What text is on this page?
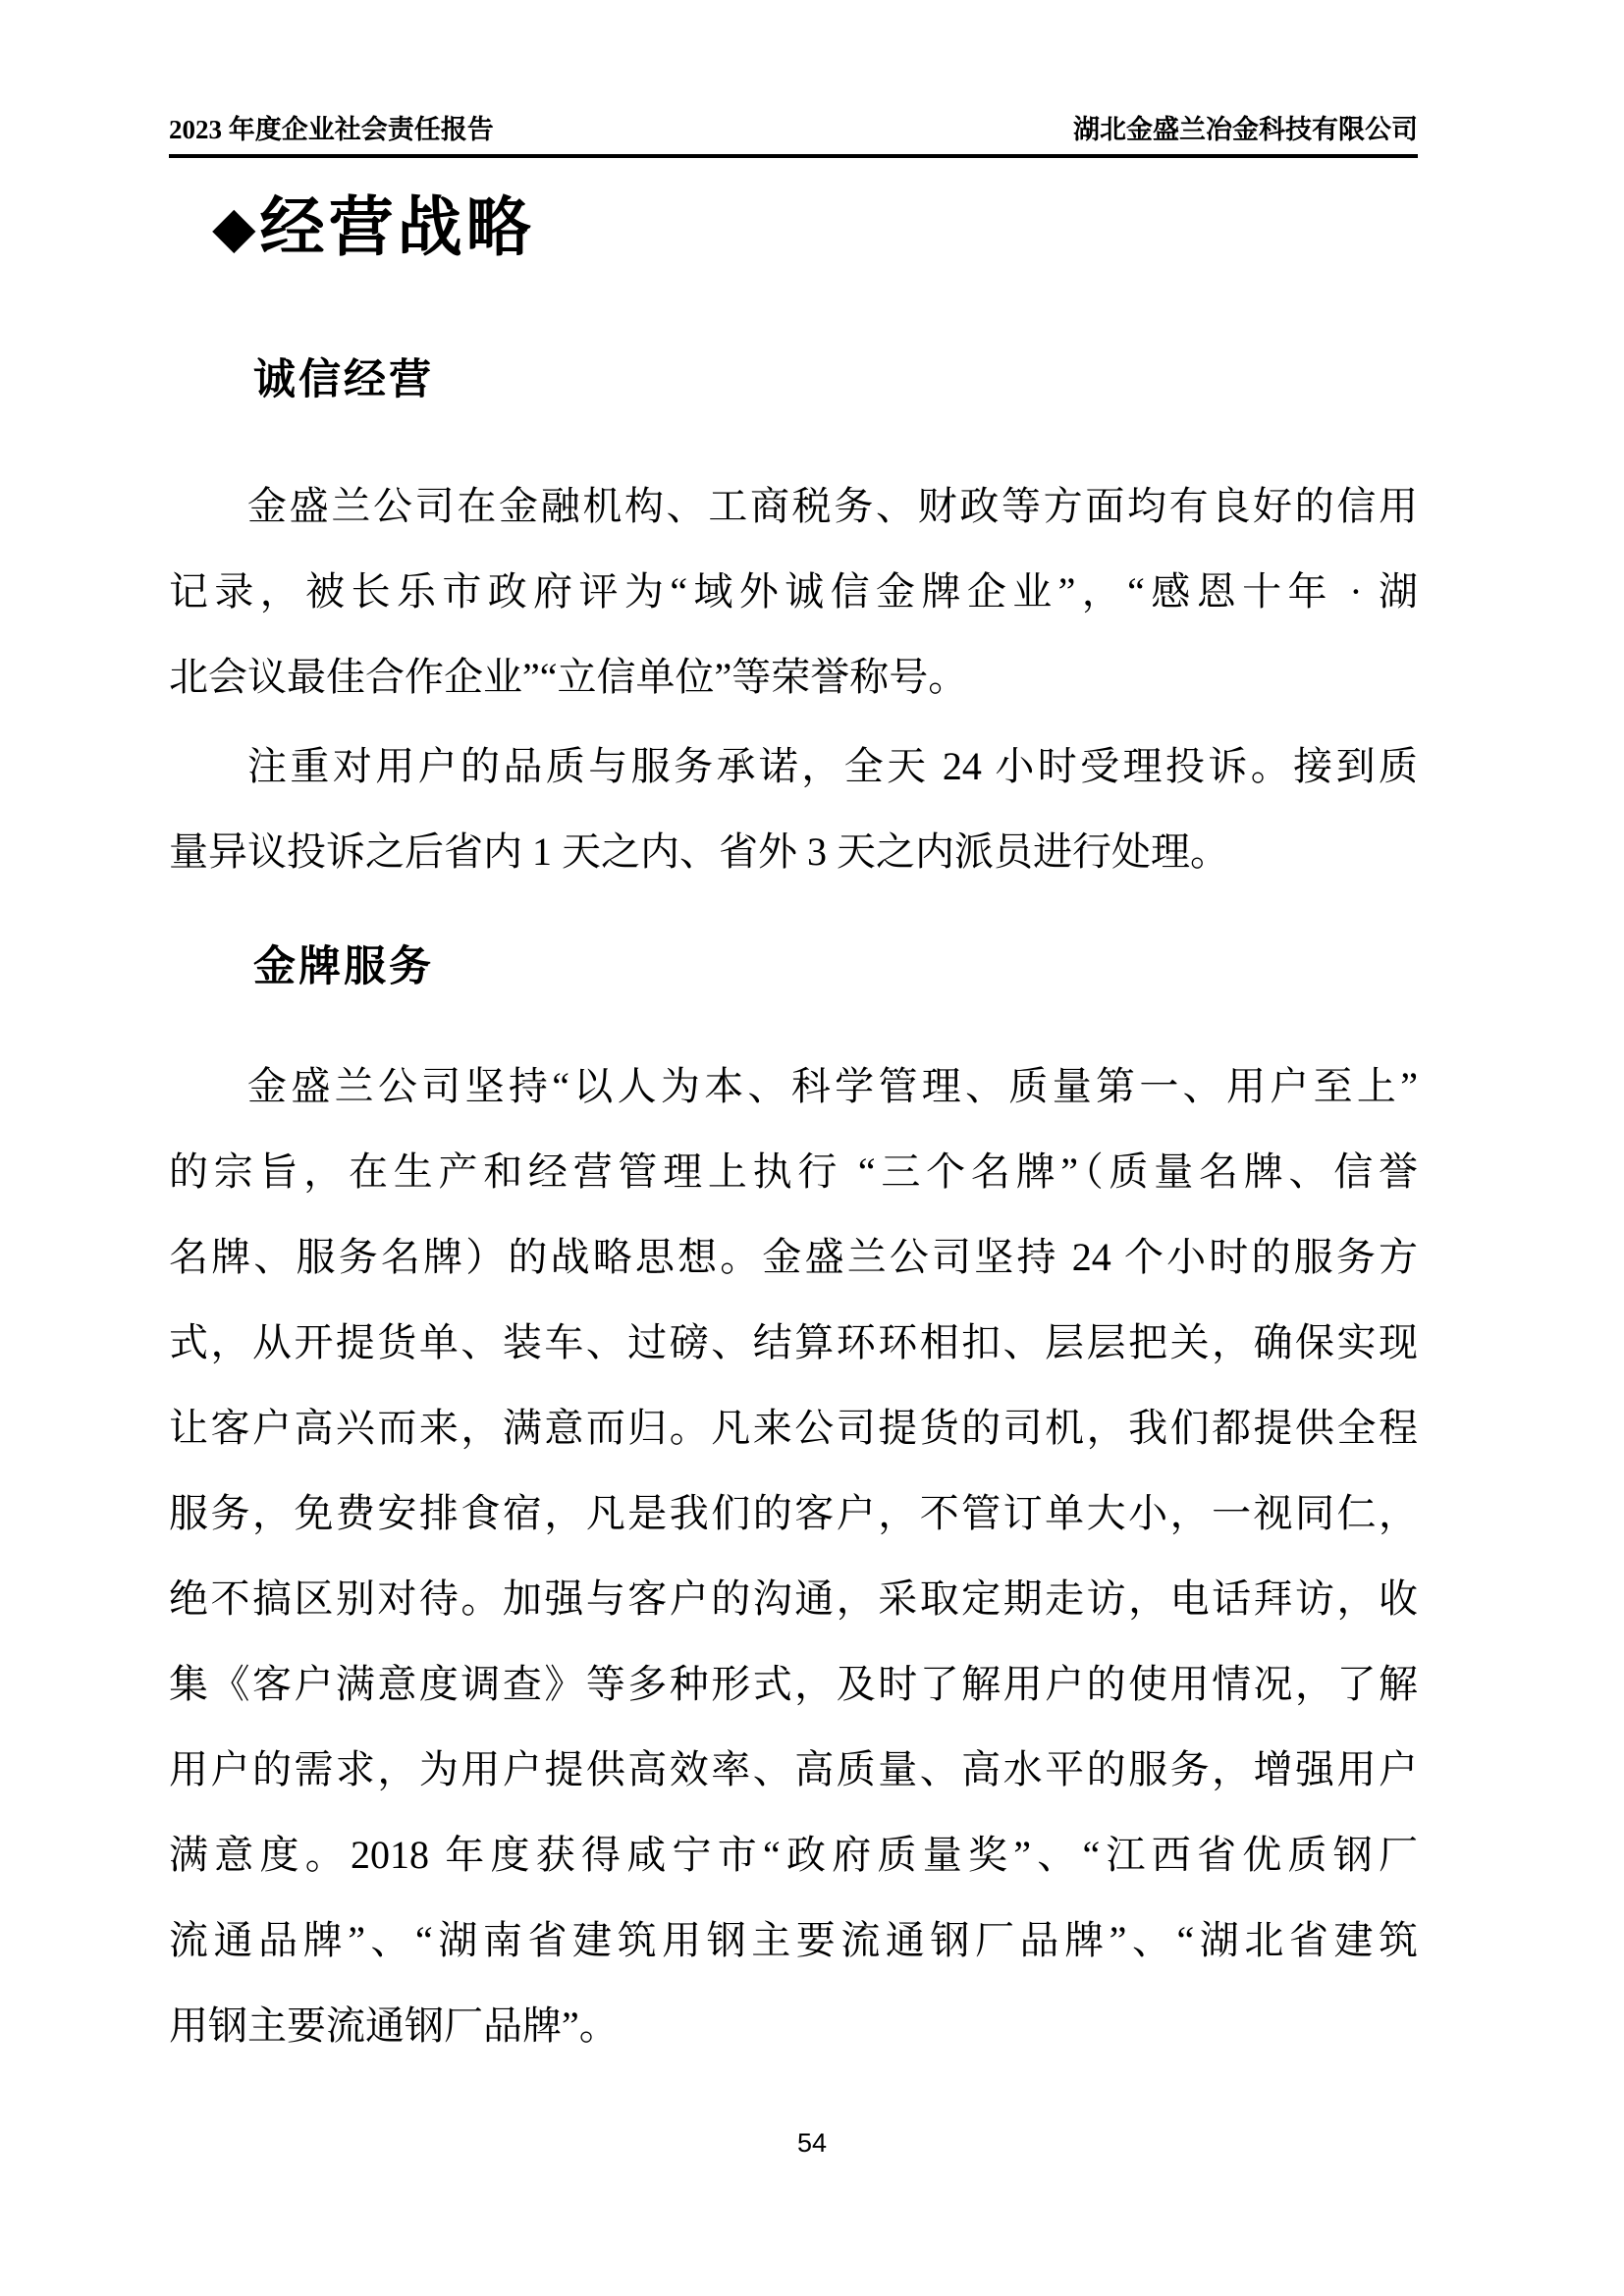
2023 年度企业社会责任报告	湖北金盛兰冶金科技有限公司
◆ 经营战略
诚信经营
金盛兰公司在金融机构、工商税务、财政等方面均有良好的信用
记录，被长乐市政府评为“域外诚信金牌企业”，“感恩十年 · 湖
北会议最佳合作企业”“立信单位”等荣誉称号。
注重对用户的品质与服务承诺，全天 24 小时受理投诉。接到质
量异议投诉之后省内 1 天之内、省外 3 天之内派员进行处理。
金牌服务
金盛兰公司坚持“以人为本、科学管理、质量第一、用户至上”
的宗旨，在生产和经营管理上执行 “三个名牌”（质量名牌、信誉
名牌、服务名牌）的战略思想。金盛兰公司坚持 24 个小时的服务方
式，从开提货单、装车、过磅、结算环环相扣、层层把关，确保实现
让客户高兴而来，满意而归。凡来公司提货的司机，我们都提供全程
服务，免费安排食宿，凡是我们的客户，不管订单大小，一视同仁，
绝不搞区别对待。加强与客户的沟通，采取定期走访，电话拜访，收
集《客户满意度调查》等多种形式，及时了解用户的使用情况，了解
用户的需求，为用户提供高效率、高质量、高水平的服务，增强用户
满意度。2018 年度获得咸宁市“政府质量奖”、“江西省优质钢厂
流通品牌”、“湖南省建筑用钢主要流通钢厂品牌”、“湖北省建筑
用钢主要流通钢厂品牌”。
54
